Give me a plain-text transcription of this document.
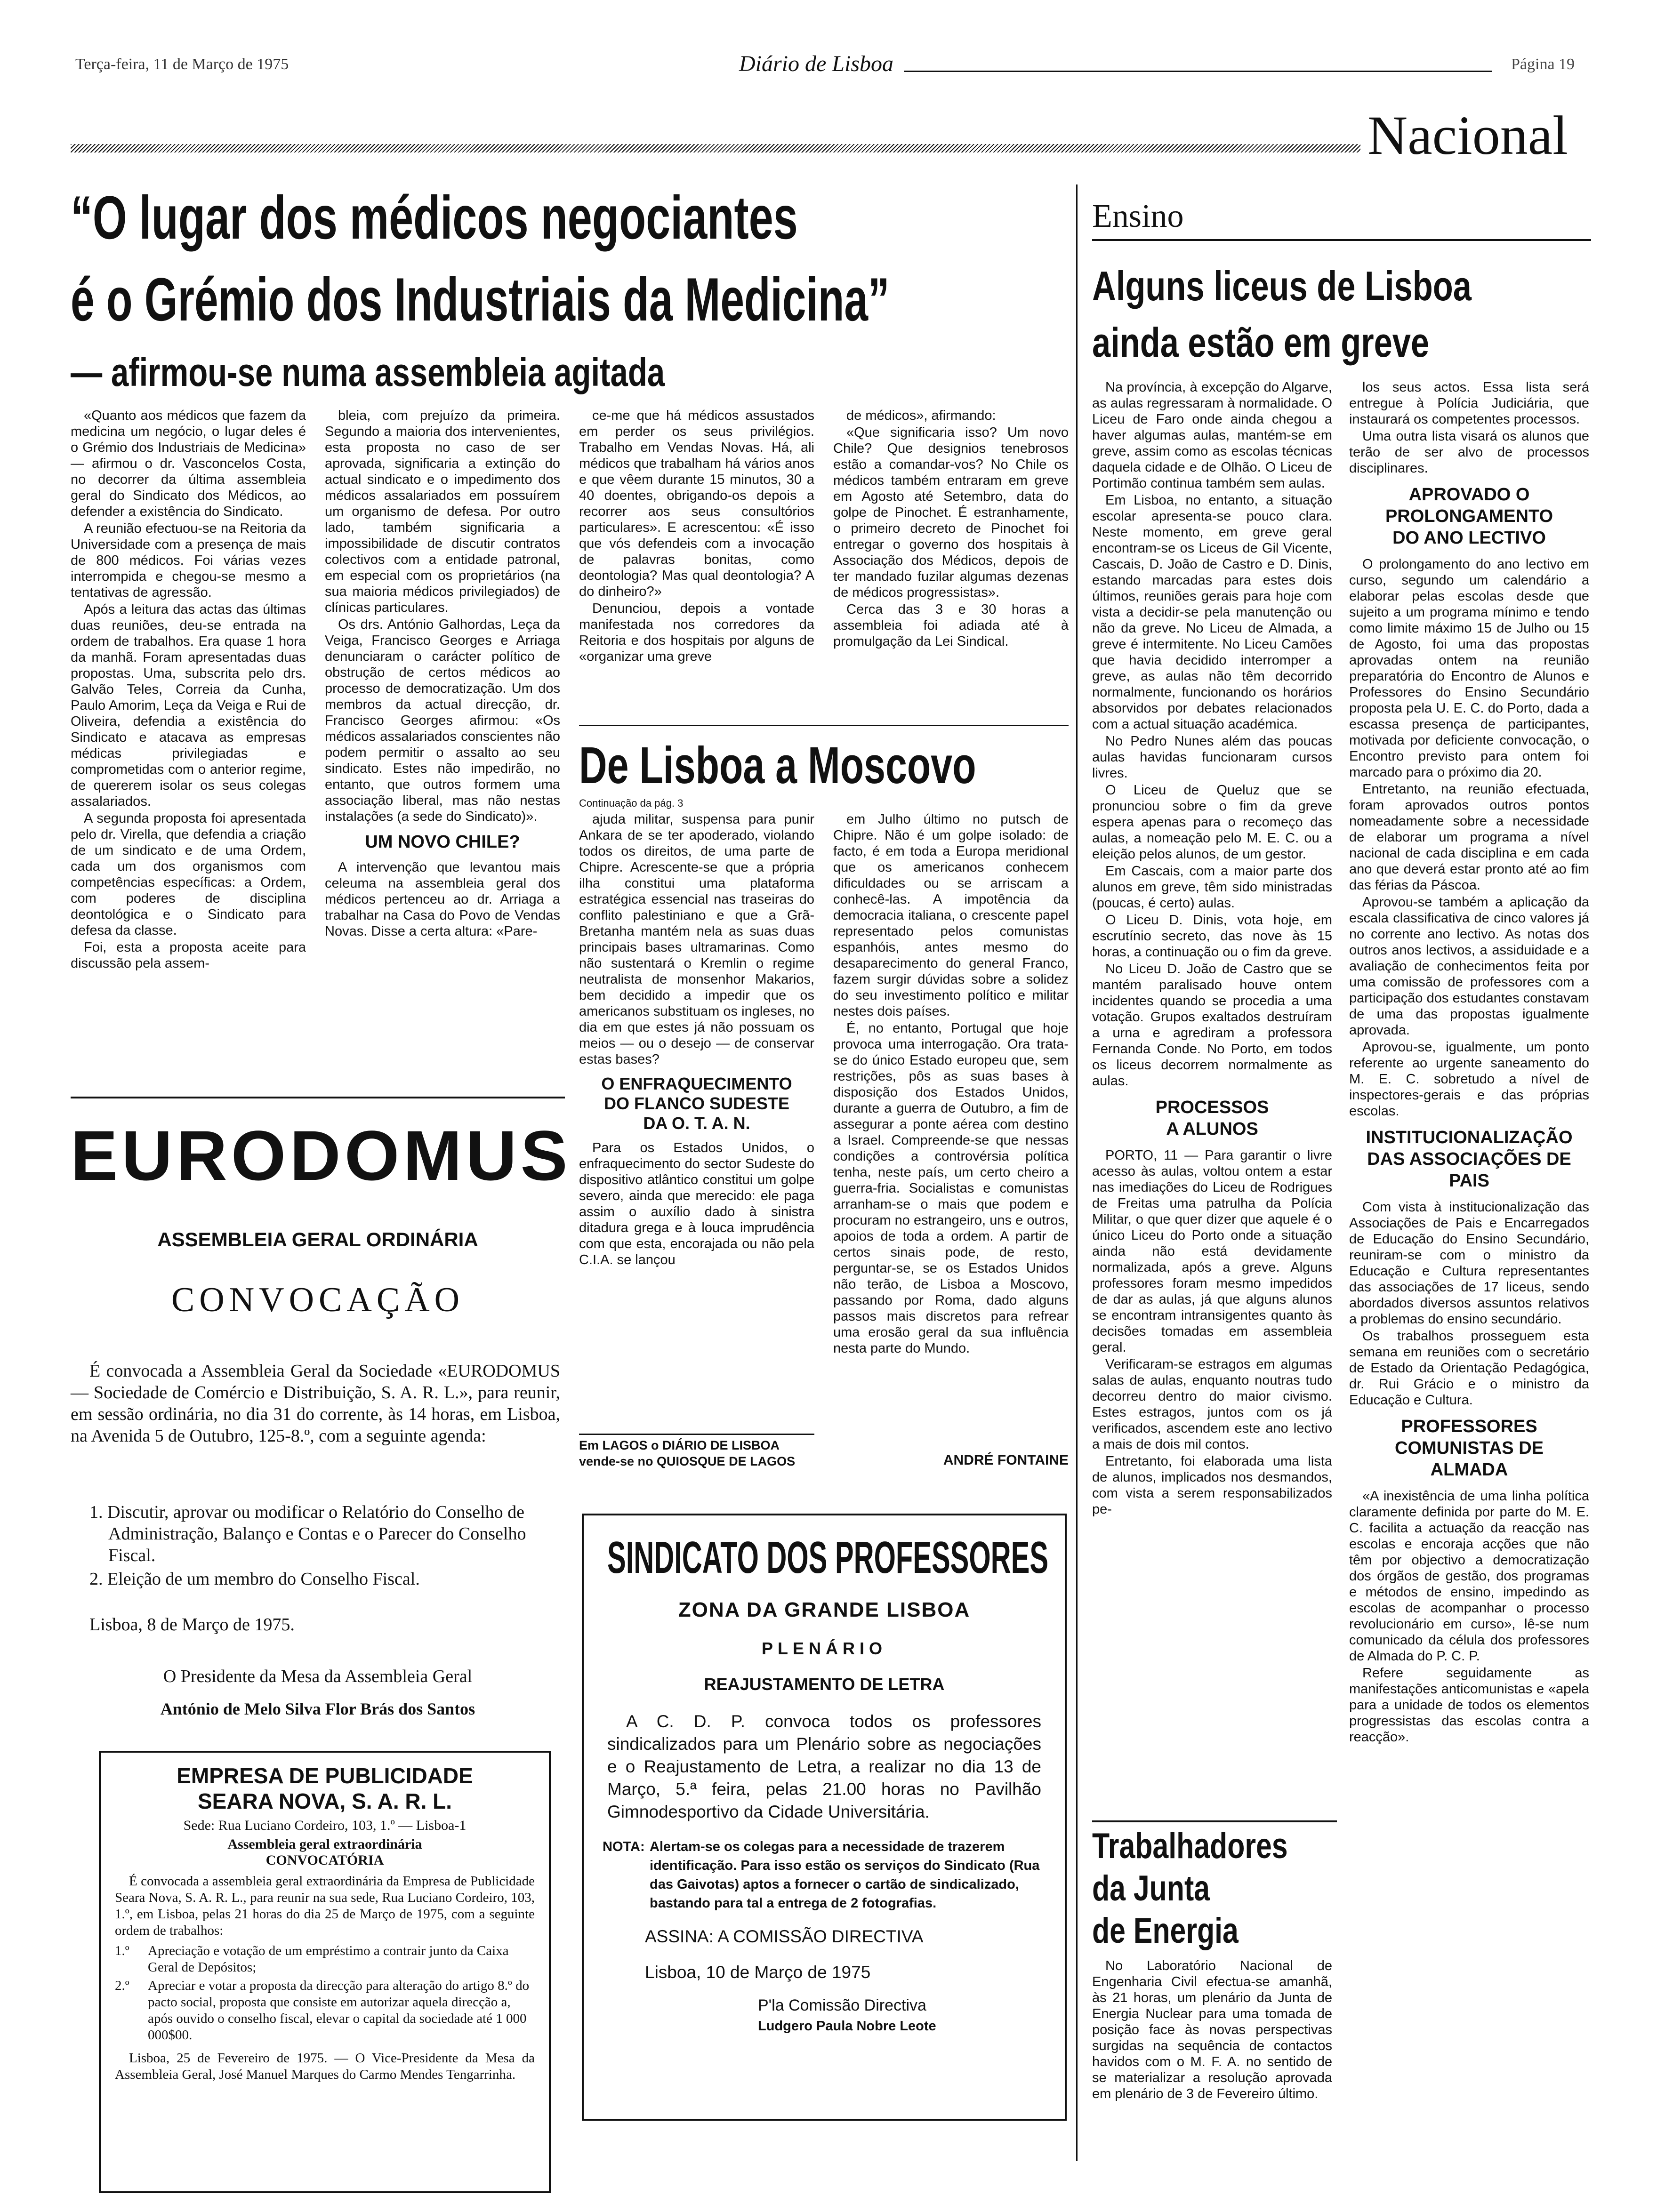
Terça-feira, 11 de Março de 1975	Diário de Lisboa	Página 19
Nacional
“O lugar dos médicos negociantes
é o Grémio dos Industriais da Medicina”
— afirmou-se numa assembleia agitada

«Quanto aos médicos que fazem da medicina um negócio, o lugar deles é o Grémio dos Industriais de Medicina» — afirmou o dr. Vasconcelos Costa, no decorrer da última assembleia geral do Sindicato dos Médicos, ao defender a existência do Sindicato.

A reunião efectuou-se na Reitoria da Universidade com a presença de mais de 800 médicos. Foi várias vezes interrompida e chegou-se mesmo a tentativas de agressão.

Após a leitura das actas das últimas duas reuniões, deu-se entrada na ordem de trabalhos. Era quase 1 hora da manhã. Foram apresentadas duas propostas. Uma, subscrita pelo drs. Galvão Teles, Correia da Cunha, Paulo Amorim, Leça da Veiga e Rui de Oliveira, defendia a existência do Sindicato e atacava as empresas médicas privilegiadas e comprometidas com o anterior regime, de quererem isolar os seus colegas assalariados.

A segunda proposta foi apresentada pelo dr. Virella, que defendia a criação de um sindicato e de uma Ordem, cada um dos organismos com competências específicas: a Ordem, com poderes de disciplina deontológica e o Sindicato para defesa da classe.

Foi, esta a proposta aceite para discussão pela assem-

bleia, com prejuízo da primeira. Segundo a maioria dos intervenientes, esta proposta no caso de ser aprovada, significaria a extinção do actual sindicato e o impedimento dos médicos assalariados em possuírem um organismo de defesa. Por outro lado, também significaria a impossibilidade de discutir contratos colectivos com a entidade patronal, em especial com os proprietários (na sua maioria médicos privilegiados) de clínicas particulares.

Os drs. António Galhordas, Leça da Veiga, Francisco Georges e Arriaga denunciaram o carácter político de obstrução de certos médicos ao processo de democratização. Um dos membros da actual direcção, dr. Francisco Georges afirmou: «Os médicos assalariados conscientes não podem permitir o assalto ao seu sindicato. Estes não impedirão, no entanto, que outros formem uma associação liberal, mas não nestas instalações (a sede do Sindicato)».

UM NOVO CHILE?

A intervenção que levantou mais celeuma na assembleia geral dos médicos pertenceu ao dr. Arriaga a trabalhar na Casa do Povo de Vendas Novas. Disse a certa altura: «Pare-

ce-me que há médicos assustados em perder os seus privilégios. Trabalho em Vendas Novas. Há, ali médicos que trabalham há vários anos e que vêem durante 15 minutos, 30 a 40 doentes, obrigando-os depois a recorrer aos seus consultórios particulares». E acrescentou: «É isso que vós defendeis com a invocação de palavras bonitas, como deontologia? Mas qual deontologia? A do dinheiro?»

Denunciou, depois a vontade manifestada nos corredores da Reitoria e dos hospitais por alguns de «organizar uma greve

de médicos», afirmando:

«Que significaria isso? Um novo Chile? Que designios tenebrosos estão a comandar-vos? No Chile os médicos também entraram em greve em Agosto até Setembro, data do golpe de Pinochet. É estranhamente, o primeiro decreto de Pinochet foi entregar o governo dos hospitais à Associação dos Médicos, depois de ter mandado fuzilar algumas dezenas de médicos progressistas».

Cerca das 3 e 30 horas a assembleia foi adiada até à promulgação da Lei Sindical.

De Lisboa a Moscovo
Continuação da pág. 3

ajuda militar, suspensa para punir Ankara de se ter apoderado, violando todos os direitos, de uma parte de Chipre. Acrescente-se que a própria ilha constitui uma plataforma estratégica essencial nas traseiras do conflito palestiniano e que a Grã-Bretanha mantém nela as suas duas principais bases ultramarinas. Como não sustentará o Kremlin o regime neutralista de monsenhor Makarios, bem decidido a impedir que os americanos substituam os ingleses, no dia em que estes já não possuam os meios — ou o desejo — de conservar estas bases?

O ENFRAQUECIMENTO DO FLANCO SUDESTE DA O. T. A. N.

Para os Estados Unidos, o enfraquecimento do sector Sudeste do dispositivo atlântico constitui um golpe severo, ainda que merecido: ele paga assim o auxílio dado à sinistra ditadura grega e à louca imprudência com que esta, encorajada ou não pela C.I.A. se lançou

em Julho último no putsch de Chipre. Não é um golpe isolado: de facto, é em toda a Europa meridional que os americanos conhecem dificuldades ou se arriscam a conhecê-las. A impotência da democracia italiana, o crescente papel representado pelos comunistas espanhóis, antes mesmo do desaparecimento do general Franco, fazem surgir dúvidas sobre a solidez do seu investimento político e militar nestes dois países.

É, no entanto, Portugal que hoje provoca uma interrogação. Ora trata-se do único Estado europeu que, sem restrições, pôs as suas bases à disposição dos Estados Unidos, durante a guerra de Outubro, a fim de assegurar a ponte aérea com destino a Israel. Compreende-se que nessas condições a controvérsia política tenha, neste país, um certo cheiro a guerra-fria. Socialistas e comunistas arranham-se o mais que podem e procuram no estrangeiro, uns e outros, apoios de toda a ordem. A partir de certos sinais pode, de resto, perguntar-se, se os Estados Unidos não terão, de Lisboa a Moscovo, passando por Roma, dado alguns passos mais discretos para refrear uma erosão geral da sua influência nesta parte do Mundo.

Em LAGOS o DIÁRIO DE LISBOA vende-se no QUIOSQUE DE LAGOS	ANDRÉ FONTAINE
Ensino
Alguns liceus de Lisboa
ainda estão em greve

Na província, à excepção do Algarve, as aulas regressaram à normalidade. O Liceu de Faro onde ainda chegou a haver algumas aulas, mantém-se em greve, assim como as escolas técnicas daquela cidade e de Olhão. O Liceu de Portimão continua também sem aulas.

Em Lisboa, no entanto, a situação escolar apresenta-se pouco clara. Neste momento, em greve geral encontram-se os Liceus de Gil Vicente, Cascais, D. João de Castro e D. Dinis, estando marcadas para estes dois últimos, reuniões gerais para hoje com vista a decidir-se pela manutenção ou não da greve. No Liceu de Almada, a greve é intermitente. No Liceu Camões que havia decidido interromper a greve, as aulas não têm decorrido normalmente, funcionando os horários absorvidos por debates relacionados com a actual situação académica.

No Pedro Nunes além das poucas aulas havidas funcionaram cursos livres.

O Liceu de Queluz que se pronunciou sobre o fim da greve espera apenas para o recomeço das aulas, a nomeação pelo M. E. C. ou a eleição pelos alunos, de um gestor.

Em Cascais, com a maior parte dos alunos em greve, têm sido ministradas (poucas, é certo) aulas.

O Liceu D. Dinis, vota hoje, em escrutínio secreto, das nove às 15 horas, a continuação ou o fim da greve.

No Liceu D. João de Castro que se mantém paralisado houve ontem incidentes quando se procedia a uma votação. Grupos exaltados destruíram a urna e agrediram a professora Fernanda Conde. No Porto, em todos os liceus decorrem normalmente as aulas.

PROCESSOS A ALUNOS

PORTO, 11 — Para garantir o livre acesso às aulas, voltou ontem a estar nas imediações do Liceu de Rodrigues de Freitas uma patrulha da Polícia Militar, o que quer dizer que aquele é o único Liceu do Porto onde a situação ainda não está devidamente normalizada, após a greve. Alguns professores foram mesmo impedidos de dar as aulas, já que alguns alunos se encontram intransigentes quanto às decisões tomadas em assembleia geral.

Verificaram-se estragos em algumas salas de aulas, enquanto noutras tudo decorreu dentro do maior civismo. Estes estragos, juntos com os já verificados, ascendem este ano lectivo a mais de dois mil contos.

Entretanto, foi elaborada uma lista de alunos, implicados nos desmandos, com vista a serem responsabilizados pe-

los seus actos. Essa lista será entregue à Polícia Judiciária, que instaurará os competentes processos.

Uma outra lista visará os alunos que terão de ser alvo de processos disciplinares.

APROVADO O PROLONGAMENTO DO ANO LECTIVO

O prolongamento do ano lectivo em curso, segundo um calendário a elaborar pelas escolas desde que sujeito a um programa mínimo e tendo como limite máximo 15 de Julho ou 15 de Agosto, foi uma das propostas aprovadas ontem na reunião preparatória do Encontro de Alunos e Professores do Ensino Secundário proposta pela U. E. C. do Porto, dada a escassa presença de participantes, motivada por deficiente convocação, o Encontro previsto para ontem foi marcado para o próximo dia 20.

Entretanto, na reunião efectuada, foram aprovados outros pontos nomeadamente sobre a necessidade de elaborar um programa a nível nacional de cada disciplina e em cada ano que deverá estar pronto até ao fim das férias da Páscoa.

Aprovou-se também a aplicação da escala classificativa de cinco valores já no corrente ano lectivo. As notas dos outros anos lectivos, a assiduidade e a avaliação de conhecimentos feita por uma comissão de professores com a participação dos estudantes constavam de uma das propostas igualmente aprovada.

Aprovou-se, igualmente, um ponto referente ao urgente saneamento do M. E. C. sobretudo a nível de inspectores-gerais e das próprias escolas.

INSTITUCIONALIZAÇÃO DAS ASSOCIAÇÕES DE PAIS

Com vista à institucionalização das Associações de Pais e Encarregados de Educação do Ensino Secundário, reuniram-se com o ministro da Educação e Cultura representantes das associações de 17 liceus, sendo abordados diversos assuntos relativos a problemas do ensino secundário.

Os trabalhos prosseguem esta semana em reuniões com o secretário de Estado da Orientação Pedagógica, dr. Rui Grácio e o ministro da Educação e Cultura.

PROFESSORES COMUNISTAS DE ALMADA

«A inexistência de uma linha política claramente definida por parte do M. E. C. facilita a actuação da reacção nas escolas e encoraja acções que não têm por objectivo a democratização dos órgãos de gestão, dos programas e métodos de ensino, impedindo as escolas de acompanhar o processo revolucionário em curso», lê-se num comunicado da célula dos professores de Almada do P. C. P.

Refere seguidamente as manifestações anticomunistas e «apela para a unidade de todos os elementos progressistas das escolas contra a reacção».

Trabalhadores
da Junta
de Energia

No Laboratório Nacional de Engenharia Civil efectua-se amanhã, às 21 horas, um plenário da Junta de Energia Nuclear para uma tomada de posição face às novas perspectivas surgidas na sequência de contactos havidos com o M. F. A. no sentido de se materializar a resolução aprovada em plenário de 3 de Fevereiro último.

EURODOMUS
ASSEMBLEIA GERAL ORDINÁRIA
CONVOCAÇÃO
É convocada a Assembleia Geral da Sociedade «EURODOMUS — Sociedade de Comércio e Distribuição, S. A. R. L.», para reunir, em sessão ordinária, no dia 31 do corrente, às 14 horas, em Lisboa, na Avenida 5 de Outubro, 125-8.º, com a seguinte agenda:
1. Discutir, aprovar ou modificar o Relatório do Conselho de Administração, Balanço e Contas e o Parecer do Conselho Fiscal.
2. Eleição de um membro do Conselho Fiscal.
Lisboa, 8 de Março de 1975.
O Presidente da Mesa da Assembleia Geral
António de Melo Silva Flor Brás dos Santos
EMPRESA DE PUBLICIDADE
SEARA NOVA, S. A. R. L.
Sede: Rua Luciano Cordeiro, 103, 1.º — Lisboa-1
Assembleia geral extraordinária
CONVOCATÓRIA
É convocada a assembleia geral extraordinária da Empresa de Publicidade Seara Nova, S. A. R. L., para reunir na sua sede, Rua Luciano Cordeiro, 103, 1.º, em Lisboa, pelas 21 horas do dia 25 de Março de 1975, com a seguinte ordem de trabalhos:
1.º	Apreciação e votação de um empréstimo a contrair junto da Caixa Geral de Depósitos;
2.º	Apreciar e votar a proposta da direcção para alteração do artigo 8.º do pacto social, proposta que consiste em autorizar aquela direcção a, após ouvido o conselho fiscal, elevar o capital da sociedade até 1 000 000$00.
Lisboa, 25 de Fevereiro de 1975. — O Vice-Presidente da Mesa da Assembleia Geral, José Manuel Marques do Carmo Mendes Tengarrinha.
SINDICATO DOS PROFESSORES
ZONA DA GRANDE LISBOA
PLENÁRIO
REAJUSTAMENTO DE LETRA
A C. D. P. convoca todos os professores sindicalizados para um Plenário sobre as negociações e o Reajustamento de Letra, a realizar no dia 13 de Março, 5.ª feira, pelas 21.00 horas no Pavilhão Gimnodesportivo da Cidade Universitária.
NOTA: Alertam-se os colegas para a necessidade de trazerem identificação. Para isso estão os serviços do Sindicato (Rua das Gaivotas) aptos a fornecer o cartão de sindicalizado, bastando para tal a entrega de 2 fotografias.
ASSINA: A COMISSÃO DIRECTIVA
Lisboa, 10 de Março de 1975
P'la Comissão Directiva
Ludgero Paula Nobre Leote
